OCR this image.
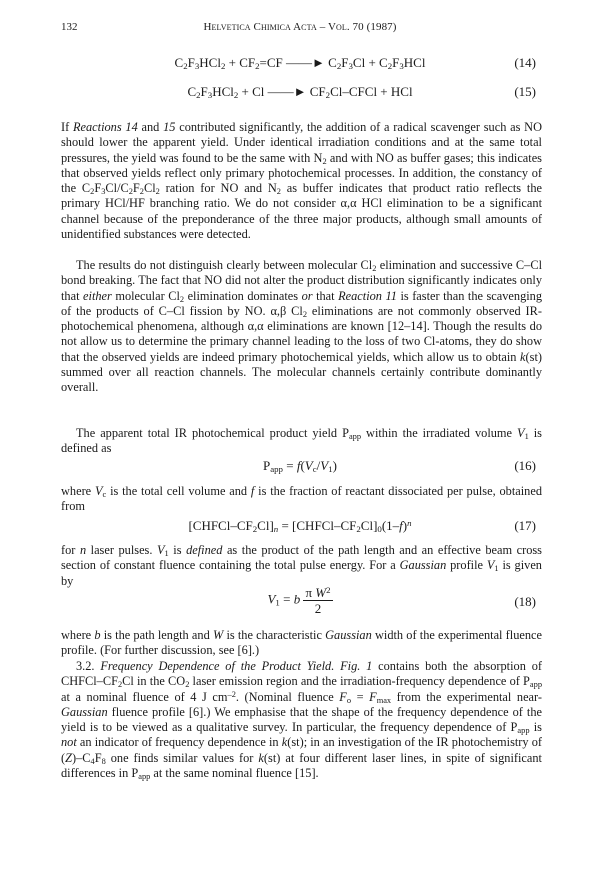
132	Helvetica Chimica Acta – Vol. 70 (1987)
$C_2F_3HCl_2 + CF_2=CF$ ——► $C_2F_3Cl + C_2F_3HCl$	(14)
$C_2F_3HCl_2 + Cl$ ——► $CF_2Cl$–CFCl + HCl	(15)

If Reactions 14 and 15 contributed significantly, the addition of a radical scavenger such as NO should lower the apparent yield. Under identical irradiation conditions and at the same total pressures, the yield was found to be the same with $N_2$ and with NO as buffer gases; this indicates that observed yields reflect only primary photochemical processes. In addition, the constancy of the $C_2F_3Cl/C_2F_2Cl_2$ ration for NO and $N_2$ as buffer indicates that product ratio reflects the primary HCl/HF branching ratio. We do not consider α,α HCl elimination to be a significant channel because of the preponderance of the three major products, although small amounts of unidentified substances were detected.

The results do not distinguish clearly between molecular $Cl_2$ elimination and successive C–Cl bond breaking. The fact that NO did not alter the product distribution significantly indicates only that either molecular $Cl_2$ elimination dominates or that Reaction 11 is faster than the scavenging of the products of C–Cl fission by NO. α,β $Cl_2$ eliminations are not commonly observed IR-photochemical phenomena, although α,α eliminations are known [12–14]. Though the results do not allow us to determine the primary channel leading to the loss of two Cl-atoms, they do show that the observed yields are indeed primary photochemical yields, which allow us to obtain k(st) summed over all reaction channels. The molecular channels certainly contribute dominantly overall.

The apparent total IR photochemical product yield $P_{app}$ within the irradiated volume $V_1$ is defined as

$P_{app} = f(V_c/V_1)$	(16)

where $V_c$ is the total cell volume and f is the fraction of reactant dissociated per pulse, obtained from

$[CHFCl-CF_2Cl]_n$ = $[CHFCl-CF_2Cl]_0(1-f)^n$	(17)

for n laser pulses. $V_1$ is defined as the product of the path length and an effective beam cross section of constant fluence containing the total pulse energy. For a Gaussian profile $V_1$ is given by

$V_1 = b \frac{\pi W^2}{2}$	(18)

where b is the path length and W is the characteristic Gaussian width of the experimental fluence profile. (For further discussion, see [6].)

3.2. Frequency Dependence of the Product Yield. Fig. 1 contains both the absorption of CHFCl–$CF_2Cl$ in the $CO_2$ laser emission region and the irradiation-frequency dependence of $P_{app}$ at a nominal fluence of 4 J $cm^{-2}$. (Nominal fluence $F_o = F_{max}$ from the experimental near-Gaussian fluence profile [6].) We emphasise that the shape of the frequency dependence of the yield is to be viewed as a qualitative survey. In particular, the frequency dependence of $P_{app}$ is not an indicator of frequency dependence in k(st); in an investigation of the IR photochemistry of $(Z)-C_4F_8$ one finds similar values for k(st) at four different laser lines, in spite of significant differences in $P_{app}$ at the same nominal fluence [15].
